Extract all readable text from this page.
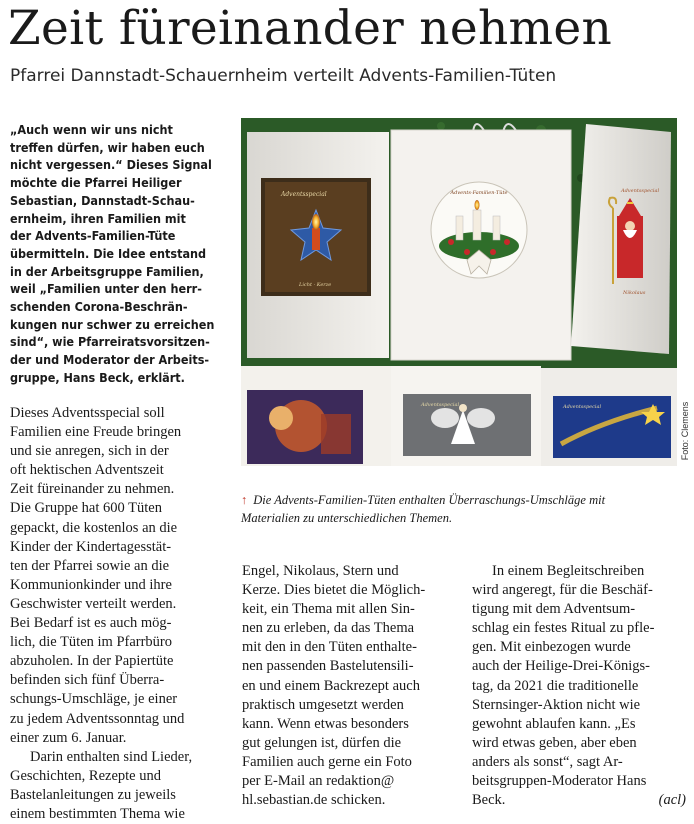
Zeit füreinander nehmen
Pfarrei Dannstadt-Schauernheim verteilt Advents-Familien-Tüten

„Auch wenn wir uns nicht
treffen dürfen, wir haben euch
nicht vergessen.“ Dieses Signal
möchte die Pfarrei Heiliger
Sebastian, Dannstadt-Schau-
ernheim, ihren Familien mit
der Advents-Familien-Tüte
übermitteln. Die Idee entstand
in der Arbeitsgruppe Familien,
weil „Familien unter den herr-
schenden Corona-Beschrän-
kungen nur schwer zu erreichen
sind“, wie Pfarreiratsvorsitzen-
der und Moderator der Arbeits-
gruppe, Hans Beck, erklärt.

Dieses Adventsspecial soll
Familien eine Freude bringen
und sie anregen, sich in der
oft hektischen Adventszeit
Zeit füreinander zu nehmen.
Die Gruppe hat 600 Tüten
gepackt, die kostenlos an die
Kinder der Kindertagesstät-
ten der Pfarrei sowie an die
Kommunionkinder und ihre
Geschwister verteilt werden.
Bei Bedarf ist es auch mög-
lich, die Tüten im Pfarrbüro
abzuholen. In der Papiertüte
befinden sich fünf Überra-
schungs-Umschläge, je einer
zu jedem Adventssonntag und
einer zum 6. Januar.

Darin enthalten sind Lieder,
Geschichten, Rezepte und
Bastelanleitungen zu jeweils
einem bestimmten Thema wie

Adventsspecial
Licht · Kerze
Advents-Familien-Tüte	Adventsspecial
Nikolaus
Adventsspecial	Adventsspecial	Foto: Clemens
↑ Die Advents-Familien-Tüten enthalten Überraschungs-Umschläge mit
Materialien zu unterschiedlichen Themen.

Engel, Nikolaus, Stern und
Kerze. Dies bietet die Möglich-
keit, ein Thema mit allen Sin-
nen zu erleben, da das Thema
mit den in den Tüten enthalte-
nen passenden Bastelutensili-
en und einem Backrezept auch
praktisch umgesetzt werden
kann. Wenn etwas besonders
gut gelungen ist, dürfen die
Familien auch gerne ein Foto
per E-Mail an redaktion@
hl.sebastian.de schicken.

In einem Begleitschreiben
wird angeregt, für die Beschäf-
tigung mit dem Adventsum-
schlag ein festes Ritual zu pfle-
gen. Mit einbezogen wurde
auch der Heilige-Drei-Königs-
tag, da 2021 die traditionelle
Sternsinger-Aktion nicht wie
gewohnt ablaufen kann. „Es
wird etwas geben, aber eben
anders als sonst“, sagt Ar-
beitsgruppen-Moderator Hans
Beck.	(acl)
